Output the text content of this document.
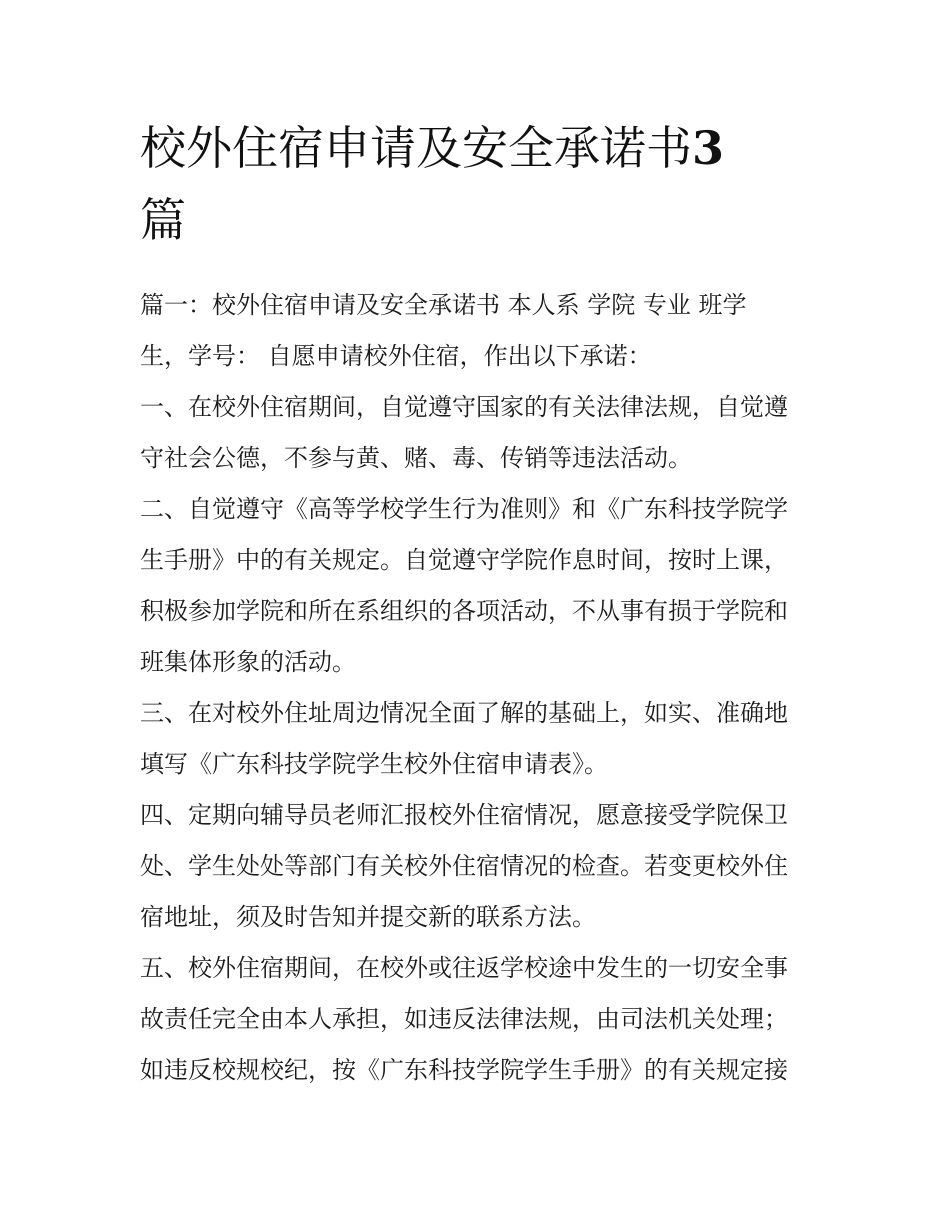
校外住宿申请及安全承诺书3
篇
篇一：校外住宿申请及安全承诺书 本人系 学院 专业 班学
生，学号： 自愿申请校外住宿，作出以下承诺：
一、在校外住宿期间，自觉遵守国家的有关法律法规，自觉遵
守社会公德，不参与黄、赌、毒、传销等违法活动。
二、自觉遵守《高等学校学生行为准则》和《广东科技学院学
生手册》中的有关规定。自觉遵守学院作息时间，按时上课，
积极参加学院和所在系组织的各项活动，不从事有损于学院和
班集体形象的活动。
三、在对校外住址周边情况全面了解的基础上，如实、准确地
填写《广东科技学院学生校外住宿申请表》。
四、定期向辅导员老师汇报校外住宿情况，愿意接受学院保卫
处、学生处处等部门有关校外住宿情况的检查。若变更校外住
宿地址，须及时告知并提交新的联系方法。
五、校外住宿期间，在校外或往返学校途中发生的一切安全事
故责任完全由本人承担，如违反法律法规，由司法机关处理；
如违反校规校纪，按《广东科技学院学生手册》的有关规定接
